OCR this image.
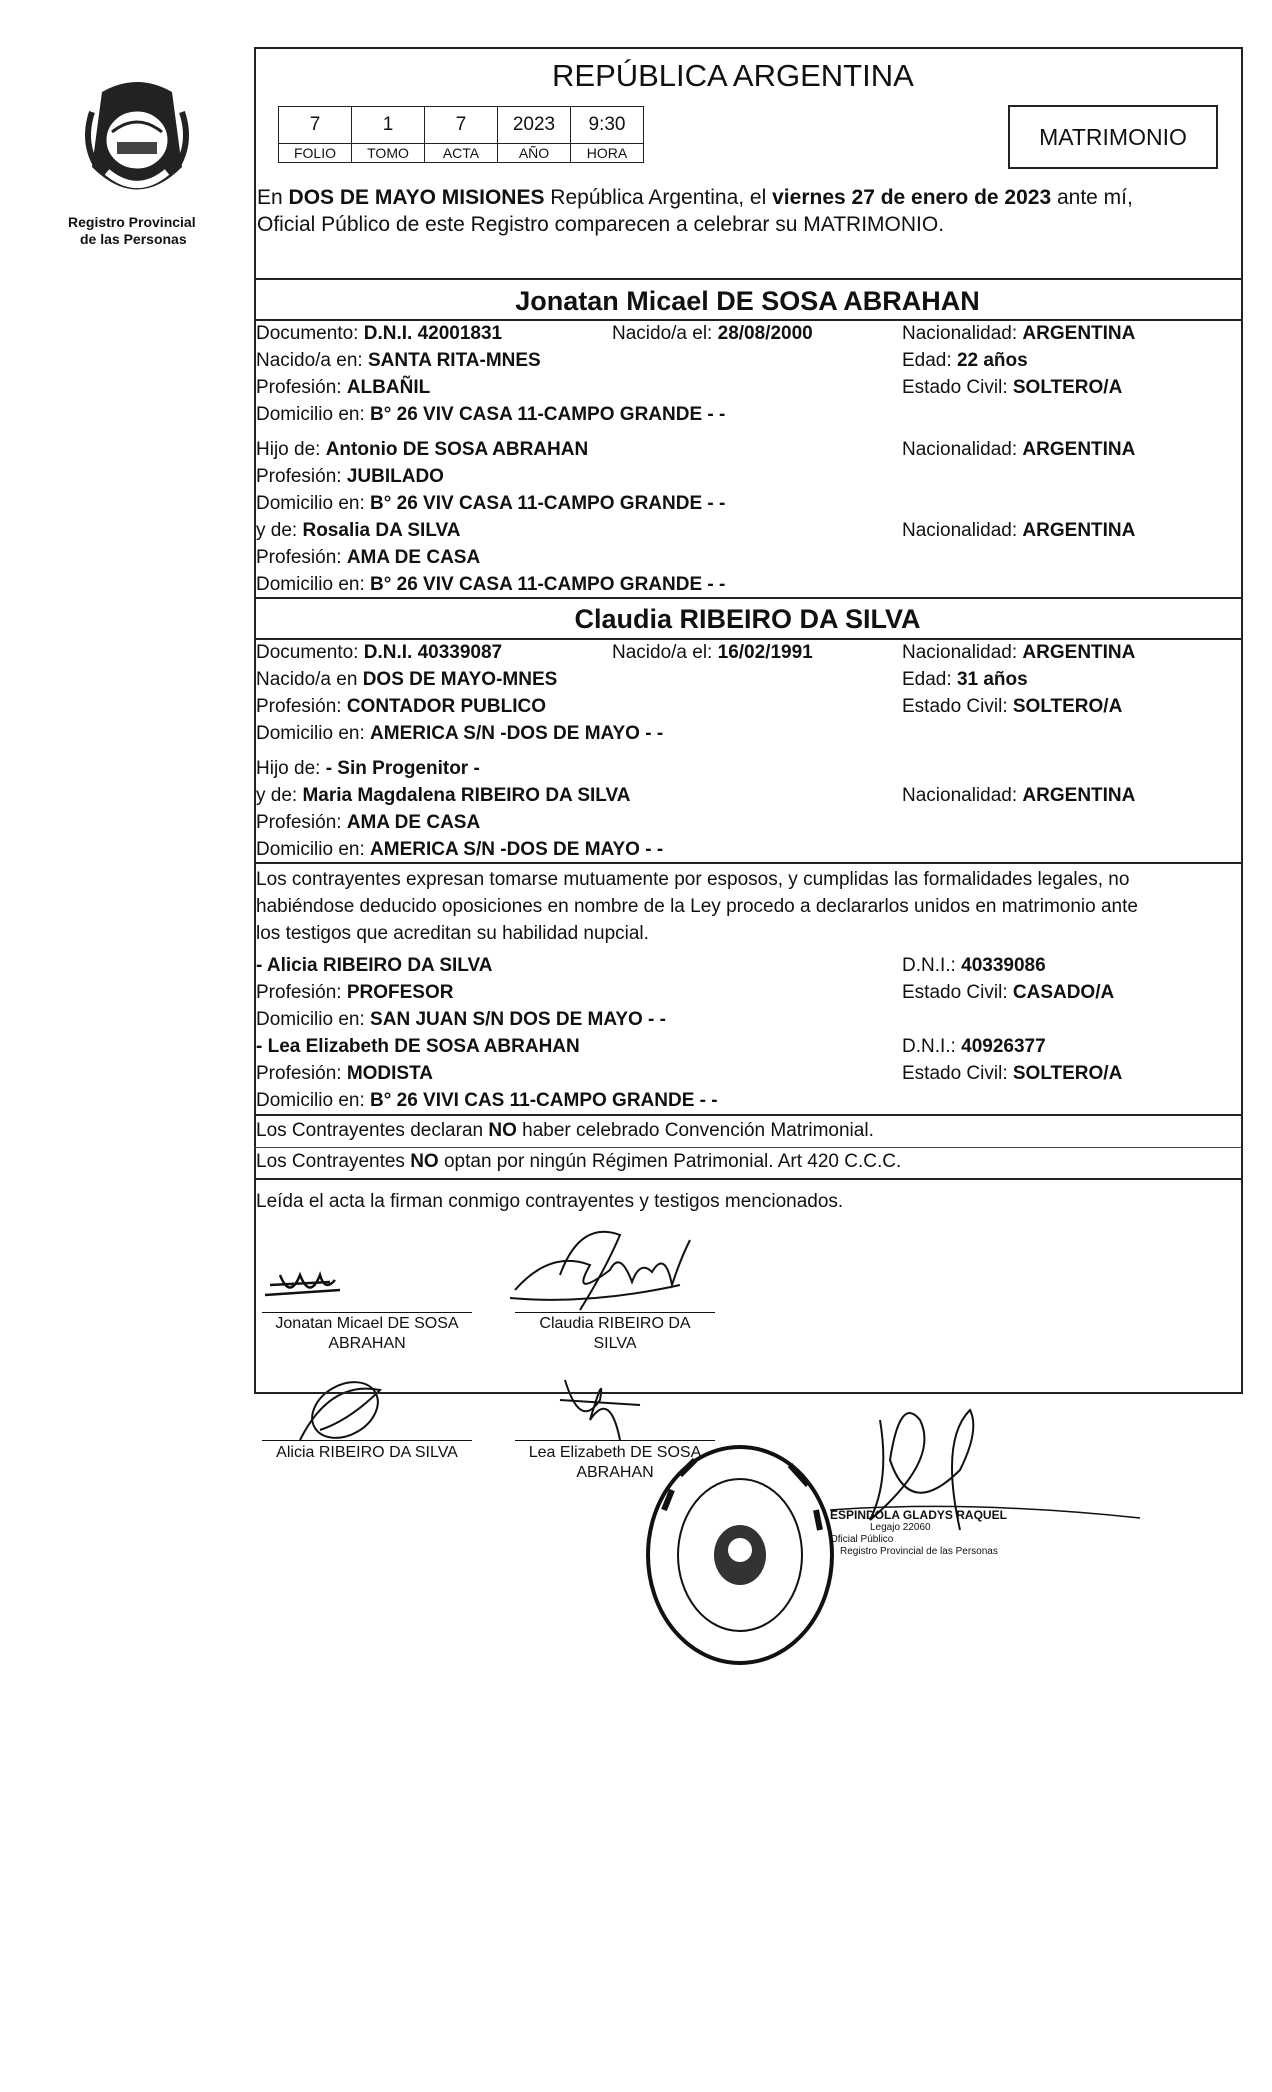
Registro Provincial
de las Personas
REPÚBLICA ARGENTINA
7	1	7	2023	9:30
FOLIO	TOMO	ACTA	AÑO	HORA
MATRIMONIO
En DOS DE MAYO MISIONES República Argentina, el viernes 27 de enero de 2023 ante mí,
Oficial Público de este Registro comparecen a celebrar su MATRIMONIO.
Jonatan Micael DE SOSA ABRAHAN
Documento: D.N.I. 42001831	Nacido/a el: 28/08/2000	Nacionalidad: ARGENTINA
Nacido/a en: SANTA RITA-MNES	Edad: 22 años
Profesión: ALBAÑIL	Estado Civil: SOLTERO/A
Domicilio en: B° 26 VIV CASA 11-CAMPO GRANDE - -
Hijo de: Antonio DE SOSA ABRAHAN	Nacionalidad: ARGENTINA
Profesión: JUBILADO
Domicilio en: B° 26 VIV CASA 11-CAMPO GRANDE - -
y de: Rosalia DA SILVA	Nacionalidad: ARGENTINA
Profesión: AMA DE CASA
Domicilio en: B° 26 VIV CASA 11-CAMPO GRANDE - -
Claudia RIBEIRO DA SILVA
Documento: D.N.I. 40339087	Nacido/a el: 16/02/1991	Nacionalidad: ARGENTINA
Nacido/a en DOS DE MAYO-MNES	Edad: 31 años
Profesión: CONTADOR PUBLICO	Estado Civil: SOLTERO/A
Domicilio en: AMERICA S/N -DOS DE MAYO - -
Hijo de: - Sin Progenitor -
y de: Maria Magdalena RIBEIRO DA SILVA	Nacionalidad: ARGENTINA
Profesión: AMA DE CASA
Domicilio en: AMERICA S/N -DOS DE MAYO - -
Los contrayentes expresan tomarse mutuamente por esposos, y cumplidas las formalidades legales, no
habiéndose deducido oposiciones en nombre de la Ley procedo a declararlos unidos en matrimonio ante
los testigos que acreditan su habilidad nupcial.
- Alicia RIBEIRO DA SILVA	D.N.I.: 40339086
Profesión: PROFESOR	Estado Civil: CASADO/A
Domicilio en: SAN JUAN S/N DOS DE MAYO - -
- Lea Elizabeth DE SOSA ABRAHAN	D.N.I.: 40926377
Profesión: MODISTA	Estado Civil: SOLTERO/A
Domicilio en: B° 26 VIVI CAS 11-CAMPO GRANDE - -
Los Contrayentes declaran NO haber celebrado Convención Matrimonial.
Los Contrayentes NO optan por ningún Régimen Patrimonial. Art 420 C.C.C.
Leída el acta la firman conmigo contrayentes y testigos mencionados.
Jonatan Micael DE SOSA
ABRAHAN
Claudia RIBEIRO DA
SILVA
Alicia RIBEIRO DA SILVA	Lea Elizabeth DE SOSA
ABRAHAN
ESPINDOLA GLADYS RAQUEL
Legajo 22060
Oficial Público
Registro Provincial de las Personas
